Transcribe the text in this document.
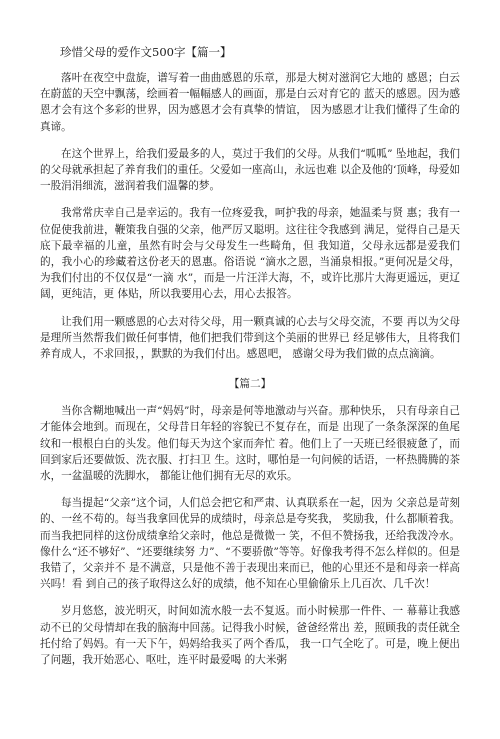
珍惜父母的爱作文500字【篇一】

落叶在夜空中盘旋，谱写着一曲曲感恩的乐章，那是大树对滋润它大地的 感恩；白云在蔚蓝的天空中飘荡，绘画着一幅幅感人的画面，那是白云对育它的 蓝天的感恩。因为感恩才会有这个多彩的世界，因为感恩才会有真挚的情谊， 因为感恩才让我们懂得了生命的真谛。

在这个世界上，给我们爱最多的人，莫过于我们的父母。从我们“呱呱” 坠地起，我们的父母就承担起了养育我们的重任。父爱如一座高山，永远也难 以企及他的‘顶峰，母爱如一股涓涓细流，滋润着我们温馨的梦。

我常常庆幸自己是幸运的。我有一位疼爱我，呵护我的母亲，她温柔与贤 惠；我有一位促使我前进，鞭策我自强的父亲，他严厉又聪明。这往往令我感到 满足，觉得自己是天底下最幸福的儿童，虽然有时会与父母发生一些畸角，但 我知道，父母永远都是爱我们的，我小心的珍藏着这份老天的恩惠。俗语说 “滴水之恩，当涌泉相报。”更何况是父母，为我们付出的不仅仅是“一滴 水”，而是一片汪洋大海，不，或许比那片大海更遥远，更辽阔，更纯洁，更 体贴，所以我要用心去，用心去报答。

让我们用一颗感恩的心去对待父母，用一颗真诚的心去与父母交流，不要 再以为父母是理所当然帮我们做任何事情，他们把我们带到这个美丽的世界已 经足够伟大，且将我们养育成人，不求回报，，默默的为我们付出。感恩吧， 感谢父母为我们做的点点滴滴。

【篇二】

当你含糊地喊出一声“妈妈”时，母亲是何等地激动与兴奋。那种快乐， 只有母亲自己才能体会地到。而现在，父母昔日年轻的容貌已不复存在，而是 出现了一条条深深的鱼尾纹和一根根白白的头发。他们每天为这个家而奔忙 着。他们上了一天班已经很疲惫了，而回到家后还要做饭、洗衣服、打扫卫 生。这时，哪怕是一句问候的话语，一杯热腾腾的茶水，一盆温暖的洗脚水， 都能让他们拥有无尽的欢乐。

每当提起“父亲”这个词，人们总会把它和严肃、认真联系在一起，因为 父亲总是苛刻的、一丝不苟的。每当我拿回优异的成绩时，母亲总是夸奖我， 奖励我，什么都顺着我。而当我把同样的这份成绩拿给父亲时，他总是微微一 笑，不但不赞扬我，还给我泼冷水。像什么“还不够好”、“还要继续努 力”、“不要骄傲”等等。好像我考得不怎么样似的。但是我错了，父亲并不 是不满意，只是他不善于表现出来而已，他的心里还不是和母亲一样高兴吗！看 到自己的孩子取得这么好的成绩，他不知在心里偷偷乐上几百次、几千次！

岁月悠悠，波光明灭，时间如流水般一去不复返。而小时候那一件件、一 幕幕让我感动不已的父母情却在我的脑海中回荡。记得我小时候，爸爸经常出 差，照顾我的责任就全托付给了妈妈。有一天下午，妈妈给我买了两个香瓜， 我一口气全吃了。可是，晚上便出了问题，我开始恶心、呕吐，连平时最爱喝 的大米粥
